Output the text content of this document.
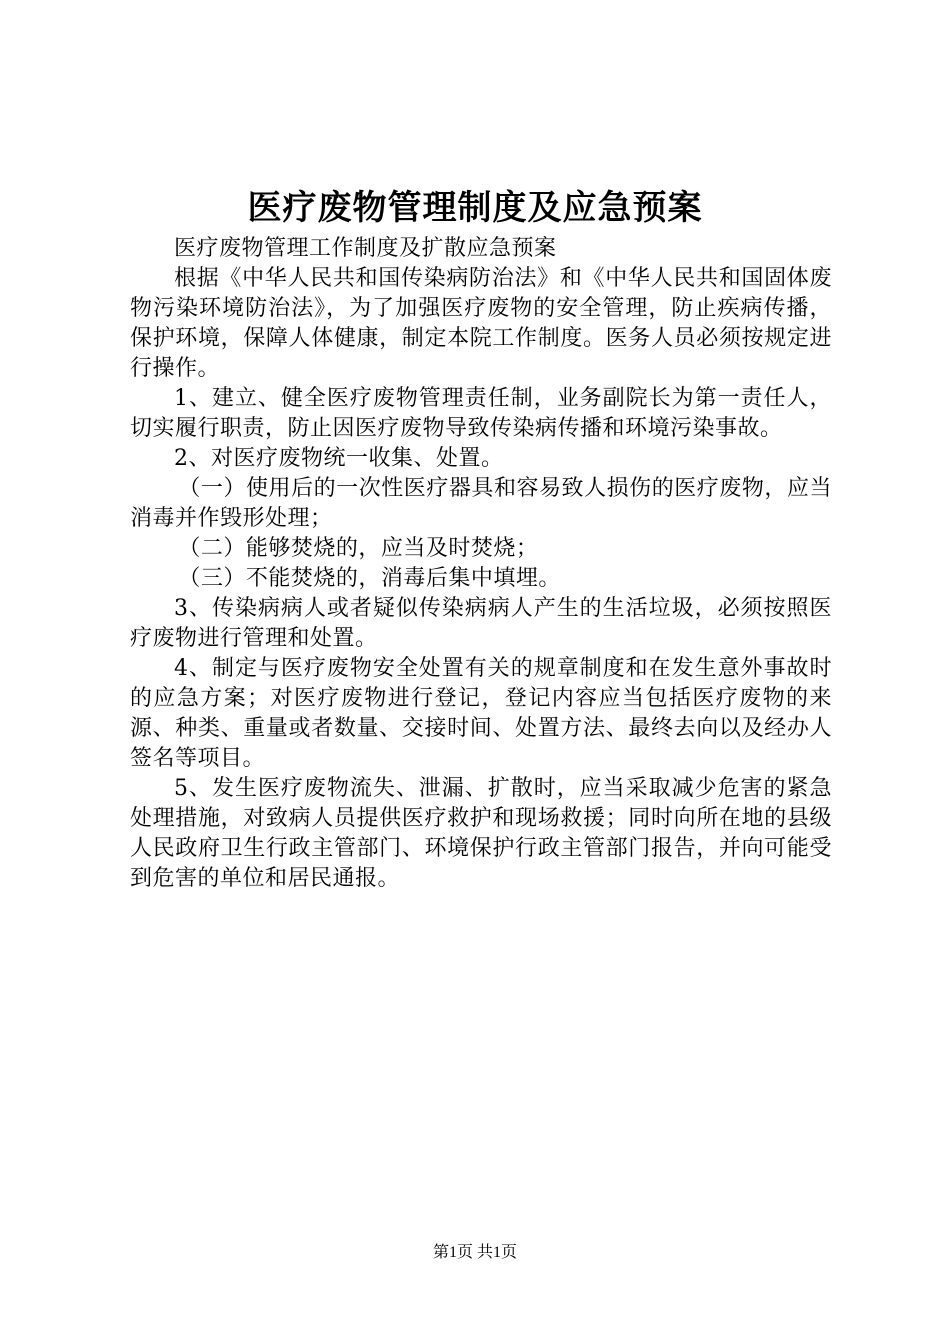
医疗废物管理制度及应急预案

医疗废物管理工作制度及扩散应急预案

根据《中华人民共和国传染病防治法》和《中华人民共和国固体废物污染环境防治法》，为了加强医疗废物的安全管理，防止疾病传播，保护环境，保障人体健康，制定本院工作制度。医务人员必须按规定进行操作。

1、建立、健全医疗废物管理责任制，业务副院长为第一责任人，切实履行职责，防止因医疗废物导致传染病传播和环境污染事故。

2、对医疗废物统一收集、处置。

（一）使用后的一次性医疗器具和容易致人损伤的医疗废物，应当消毒并作毁形处理；

（二）能够焚烧的，应当及时焚烧；

（三）不能焚烧的，消毒后集中填埋。

3、传染病病人或者疑似传染病病人产生的生活垃圾，必须按照医疗废物进行管理和处置。

4、制定与医疗废物安全处置有关的规章制度和在发生意外事故时的应急方案；对医疗废物进行登记，登记内容应当包括医疗废物的来源、种类、重量或者数量、交接时间、处置方法、最终去向以及经办人签名等项目。

5、发生医疗废物流失、泄漏、扩散时，应当采取减少危害的紧急处理措施，对致病人员提供医疗救护和现场救援；同时向所在地的县级人民政府卫生行政主管部门、环境保护行政主管部门报告，并向可能受到危害的单位和居民通报。

第1页 共1页
